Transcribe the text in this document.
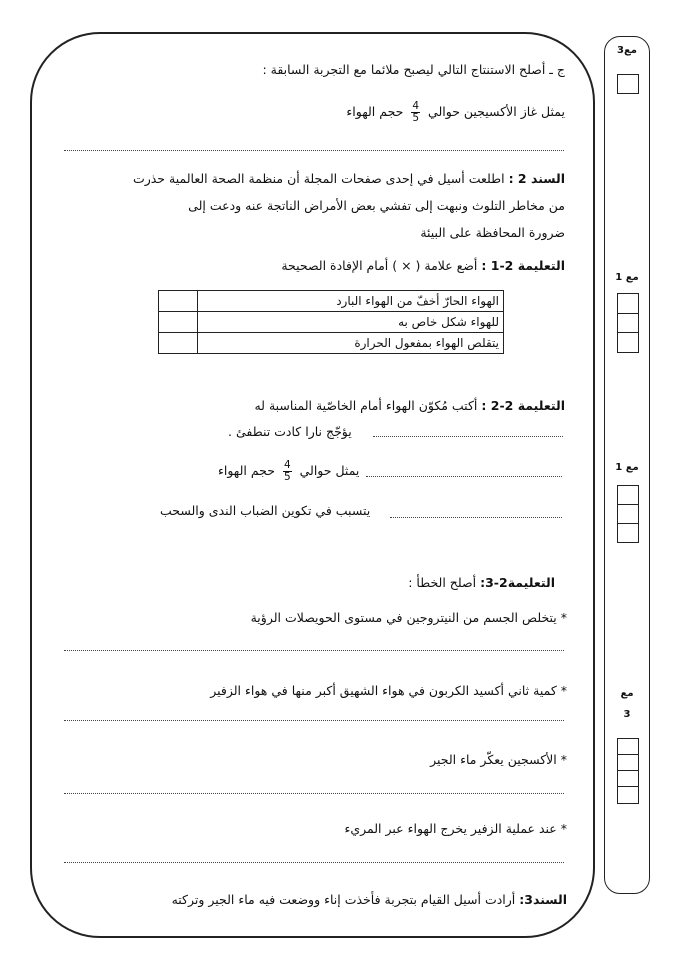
ج ـ أصلح الاستنتاج التالي ليصبح ملائما مع التجربة السابقة :
يمثل غاز الأكسيجين حوالي
$\frac{4}{5}$
حجم الهواء
السند 2 : اطلعت أسيل في إحدى صفحات المجلة أن منظمة الصحة العالمية حذرت
من مخاطر التلوث ونبهت إلى تفشي بعض الأمراض الناتجة عنه ودعت إلى
ضرورة المحافظة على البيئة
التعليمة 2-1 : أضع علامة ( × ) أمام الإفادة الصحيحة
	الهواء الحارّ أخفّ من الهواء البارد
	للهواء شكل خاص به
	يتقلص الهواء بمفعول الحرارة
التعليمة 2-2 : أكتب مُكوّن الهواء أمام الخاصّية المناسبة له
يؤجّج نارا كادت تنطفئ .
يمثل حوالي
$\frac{4}{5}$
حجم الهواء
يتسبب في تكوين الضباب الندى والسحب
التعليمة2-3: أصلح الخطأ :
* يتخلص الجسم من النيتروجين في مستوى الحويصلات الرؤية
* كمية ثاني أكسيد الكربون في هواء الشهيق أكبر منها في هواء الزفير
* الأكسجين يعكّر ماء الجير
* عند عملية الزفير يخرج الهواء عبر المريء
السند3: أرادت أسيل القيام بتجربة فأخذت إناء ووضعت فيه ماء الجير وتركته
مع3
مع 1
مع 1
مع
3
